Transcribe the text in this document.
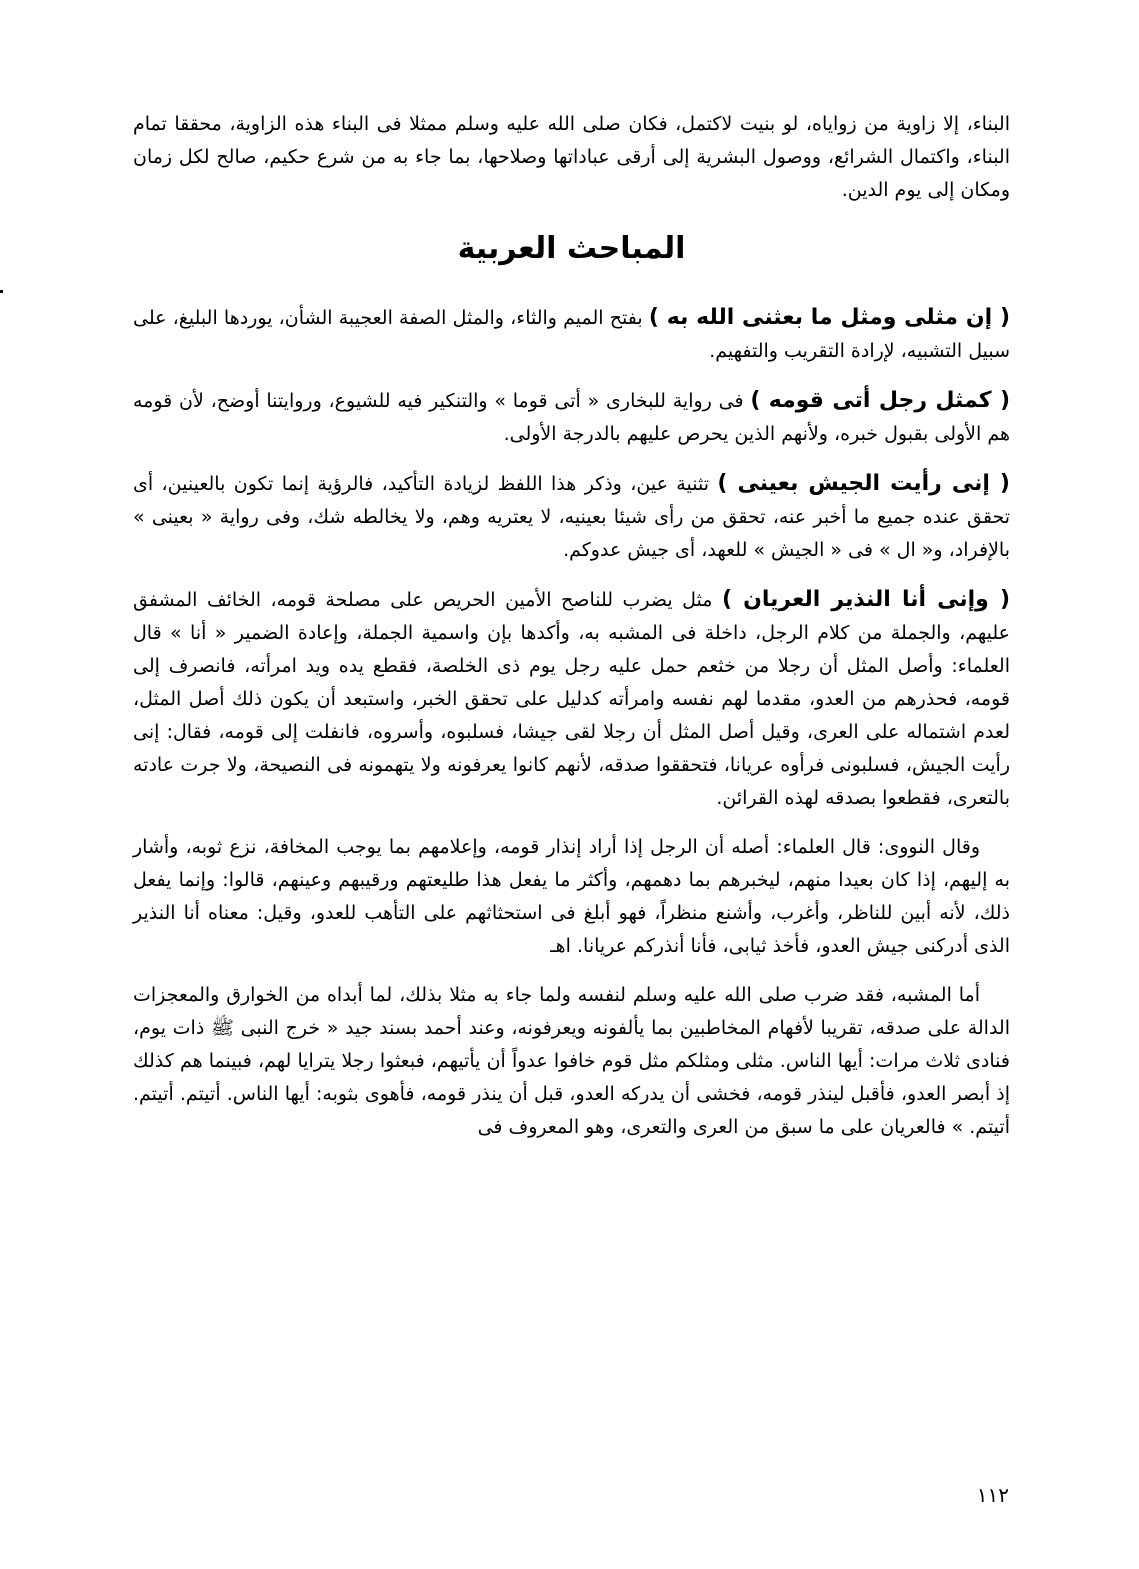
البناء، إلا زاوية من زواياه، لو بنيت لاكتمل، فكان صلى الله عليه وسلم ممثلا فى البناء هذه الزاوية، محققا تمام البناء، واكتمال الشرائع، ووصول البشرية إلى أرقى عباداتها وصلاحها، بما جاء به من شرع حكيم، صالح لكل زمان ومكان إلى يوم الدين.

المباحث العربية

( إن مثلى ومثل ما بعثنى الله به ) بفتح الميم والثاء، والمثل الصفة العجيبة الشأن، يوردها البليغ، على سبيل التشبيه، لإرادة التقريب والتفهيم.

( كمثل رجل أتى قومه ) فى رواية للبخارى « أتى قوما » والتنكير فيه للشيوع، وروايتنا أوضح، لأن قومه هم الأولى بقبول خبره، ولأنهم الذين يحرص عليهم بالدرجة الأولى.

( إنى رأيت الجيش بعينى ) تثنية عين، وذكر هذا اللفظ لزيادة التأكيد، فالرؤية إنما تكون بالعينين، أى تحقق عنده جميع ما أخبر عنه، تحقق من رأى شيئا بعينيه، لا يعتريه وهم، ولا يخالطه شك، وفى رواية « بعينى » بالإفراد، و« ال » فى « الجيش » للعهد، أى جيش عدوكم.

( وإنى أنا النذير العريان ) مثل يضرب للناصح الأمين الحريص على مصلحة قومه، الخائف المشفق عليهم، والجملة من كلام الرجل، داخلة فى المشبه به، وأكدها بإن واسمية الجملة، وإعادة الضمير « أنا » قال العلماء: وأصل المثل أن رجلا من خثعم حمل عليه رجل يوم ذى الخلصة، فقطع يده ويد امرأته، فانصرف إلى قومه، فحذرهم من العدو، مقدما لهم نفسه وامرأته كدليل على تحقق الخبر، واستبعد أن يكون ذلك أصل المثل، لعدم اشتماله على العرى، وقيل أصل المثل أن رجلا لقى جيشا، فسلبوه، وأسروه، فانفلت إلى قومه، فقال: إنى رأيت الجيش، فسلبونى فرأوه عريانا، فتحققوا صدقه، لأنهم كانوا يعرفونه ولا يتهمونه فى النصيحة، ولا جرت عادته بالتعرى، فقطعوا بصدقه لهذه القرائن.

وقال النووى: قال العلماء: أصله أن الرجل إذا أراد إنذار قومه، وإعلامهم بما يوجب المخافة، نزع ثوبه، وأشار به إليهم، إذا كان بعيدا منهم، ليخبرهم بما دهمهم، وأكثر ما يفعل هذا طليعتهم ورقيبهم وعينهم، قالوا: وإنما يفعل ذلك، لأنه أبين للناظر، وأغرب، وأشنع منظراً، فهو أبلغ فى استحثاثهم على التأهب للعدو، وقيل: معناه أنا النذير الذى أدركنى جيش العدو، فأخذ ثيابى، فأنا أنذركم عريانا. اهـ

أما المشبه، فقد ضرب صلى الله عليه وسلم لنفسه ولما جاء به مثلا بذلك، لما أبداه من الخوارق والمعجزات الدالة على صدقه، تقريبا لأفهام المخاطبين بما يألفونه ويعرفونه، وعند أحمد بسند جيد « خرج النبى ﷺ ذات يوم، فنادى ثلاث مرات: أيها الناس. مثلى ومثلكم مثل قوم خافوا عدواً أن يأتيهم، فبعثوا رجلا يترايا لهم، فبينما هم كذلك إذ أبصر العدو، فأقبل لينذر قومه، فخشى أن يدركه العدو، قبل أن ينذر قومه، فأهوى بثوبه: أيها الناس. أتيتم. أتيتم. أتيتم. » فالعريان على ما سبق من العرى والتعرى، وهو المعروف فى

١١٢
